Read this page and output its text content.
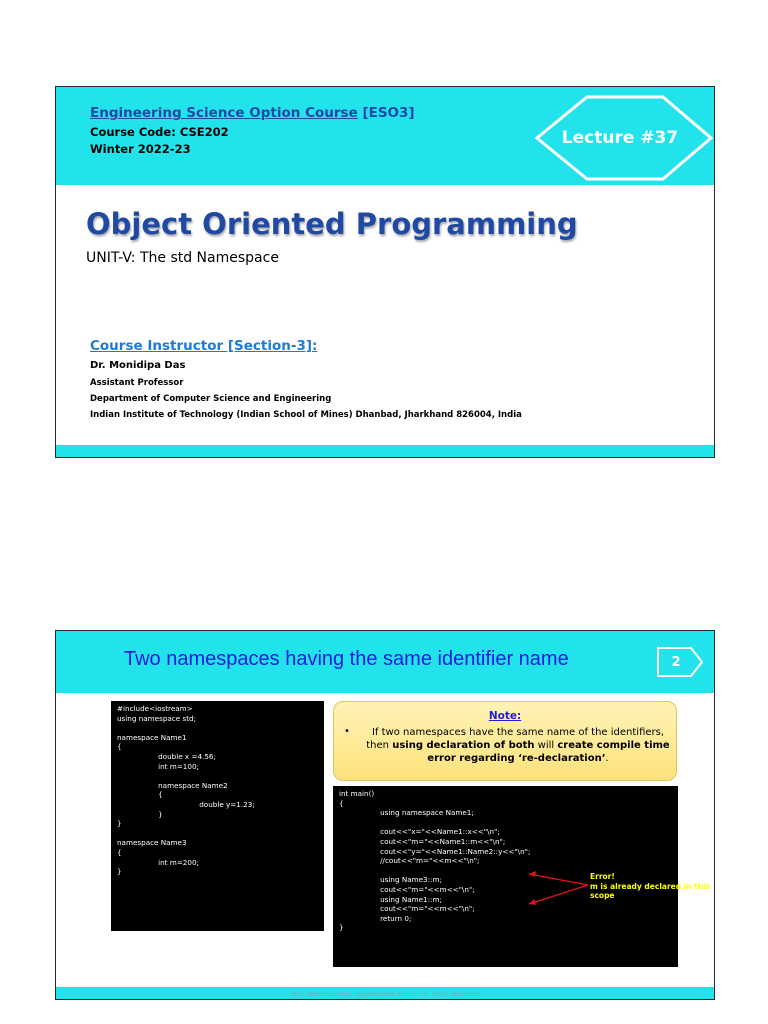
Engineering Science Option Course [ESO3]
Course Code: CSE202
Winter 2022-23
Lecture #37
Object Oriented Programming
UNIT-V: The std Namespace
Course Instructor [Section-3]:
Dr. Monidipa Das
Assistant Professor
Department of Computer Science and Engineering
Indian Institute of Technology (Indian School of Mines) Dhanbad, Jharkhand 826004, India
Two namespaces having the same identifier name	2
#include<iostream>
using namespace std;
namespace Name1
{
double x =4.56;
int m=100;
namespace Name2
{
double y=1.23;
}
}
namespace Name3
{
int m=200;
}
Note:
•	If two namespaces have the same name of the identifiers, then using declaration of both will create compile time error regarding ‘re-declaration’.
int main()
{
using namespace Name1;
cout<<"x="<<Name1::x<<"\n";
cout<<"m="<<Name1::m<<"\n";
cout<<"y="<<Name1::Name2::y<<"\n";
//cout<<"m="<<m<<"\n";
using Name3::m;
cout<<"m="<<m<<"\n";
using Name1::m;
cout<<"m="<<m<<"\n";
return 0;
}
Error!
m is already declared in this scope
Prof. Monidipa Das, Department of CSE, IIT (ISM) Dhanbad
